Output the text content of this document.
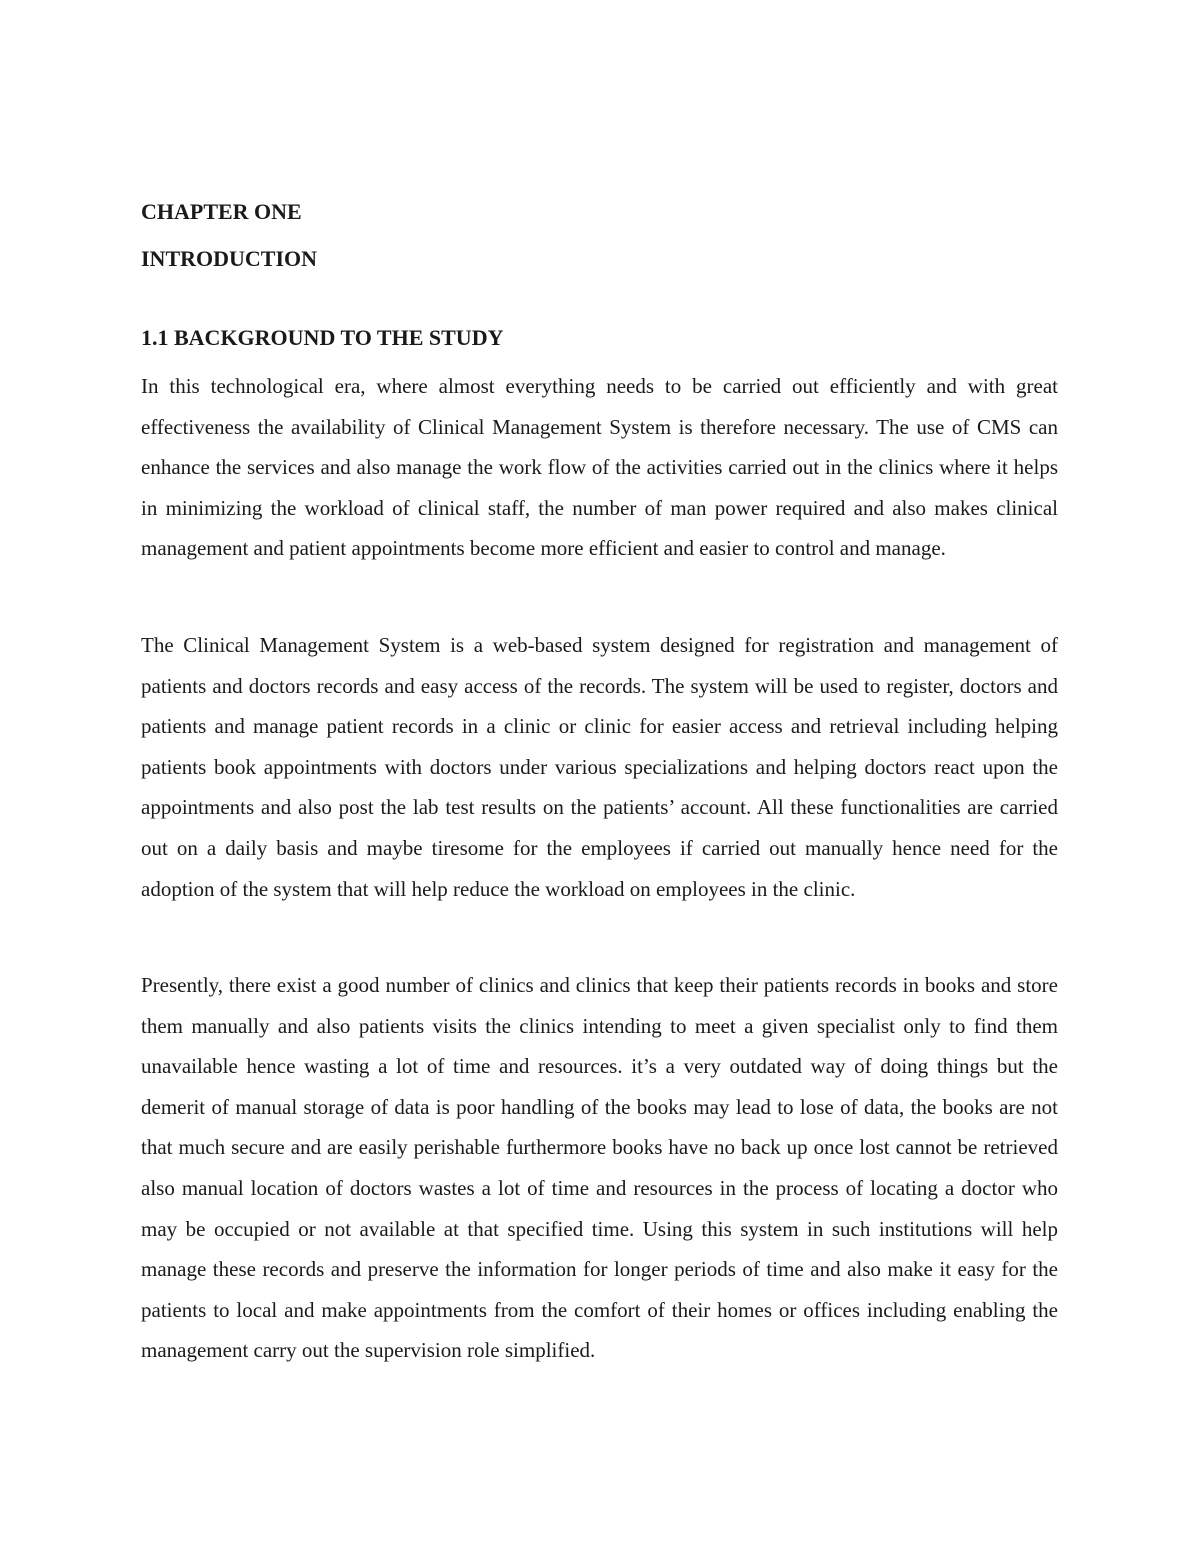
CHAPTER ONE
INTRODUCTION
1.1 BACKGROUND TO THE STUDY

In this technological era, where almost everything needs to be carried out efficiently and with great effectiveness the availability of Clinical Management System is therefore necessary. The use of CMS can enhance the services and also manage the work flow of the activities carried out in the clinics where it helps in minimizing the workload of clinical staff, the number of man power required and also makes clinical management and patient appointments become more efficient and easier to control and manage.

The Clinical Management System is a web-based system designed for registration and management of patients and doctors records and easy access of the records. The system will be used to register, doctors and patients and manage patient records in a clinic or clinic for easier access and retrieval including helping patients book appointments with doctors under various specializations and helping doctors react upon the appointments and also post the lab test results on the patients’ account. All these functionalities are carried out on a daily basis and maybe tiresome for the employees if carried out manually hence need for the adoption of the system that will help reduce the workload on employees in the clinic.

Presently, there exist a good number of clinics and clinics that keep their patients records in books and store them manually and also patients visits the clinics intending to meet a given specialist only to find them unavailable hence wasting a lot of time and resources. it’s a very outdated way of doing things but the demerit of manual storage of data is poor handling of the books may lead to lose of data, the books are not that much secure and are easily perishable furthermore books have no back up once lost cannot be retrieved also manual location of doctors wastes a lot of time and resources in the process of locating a doctor who may be occupied or not available at that specified time. Using this system in such institutions will help manage these records and preserve the information for longer periods of time and also make it easy for the patients to local and make appointments from the comfort of their homes or offices including enabling the management carry out the supervision role simplified.
